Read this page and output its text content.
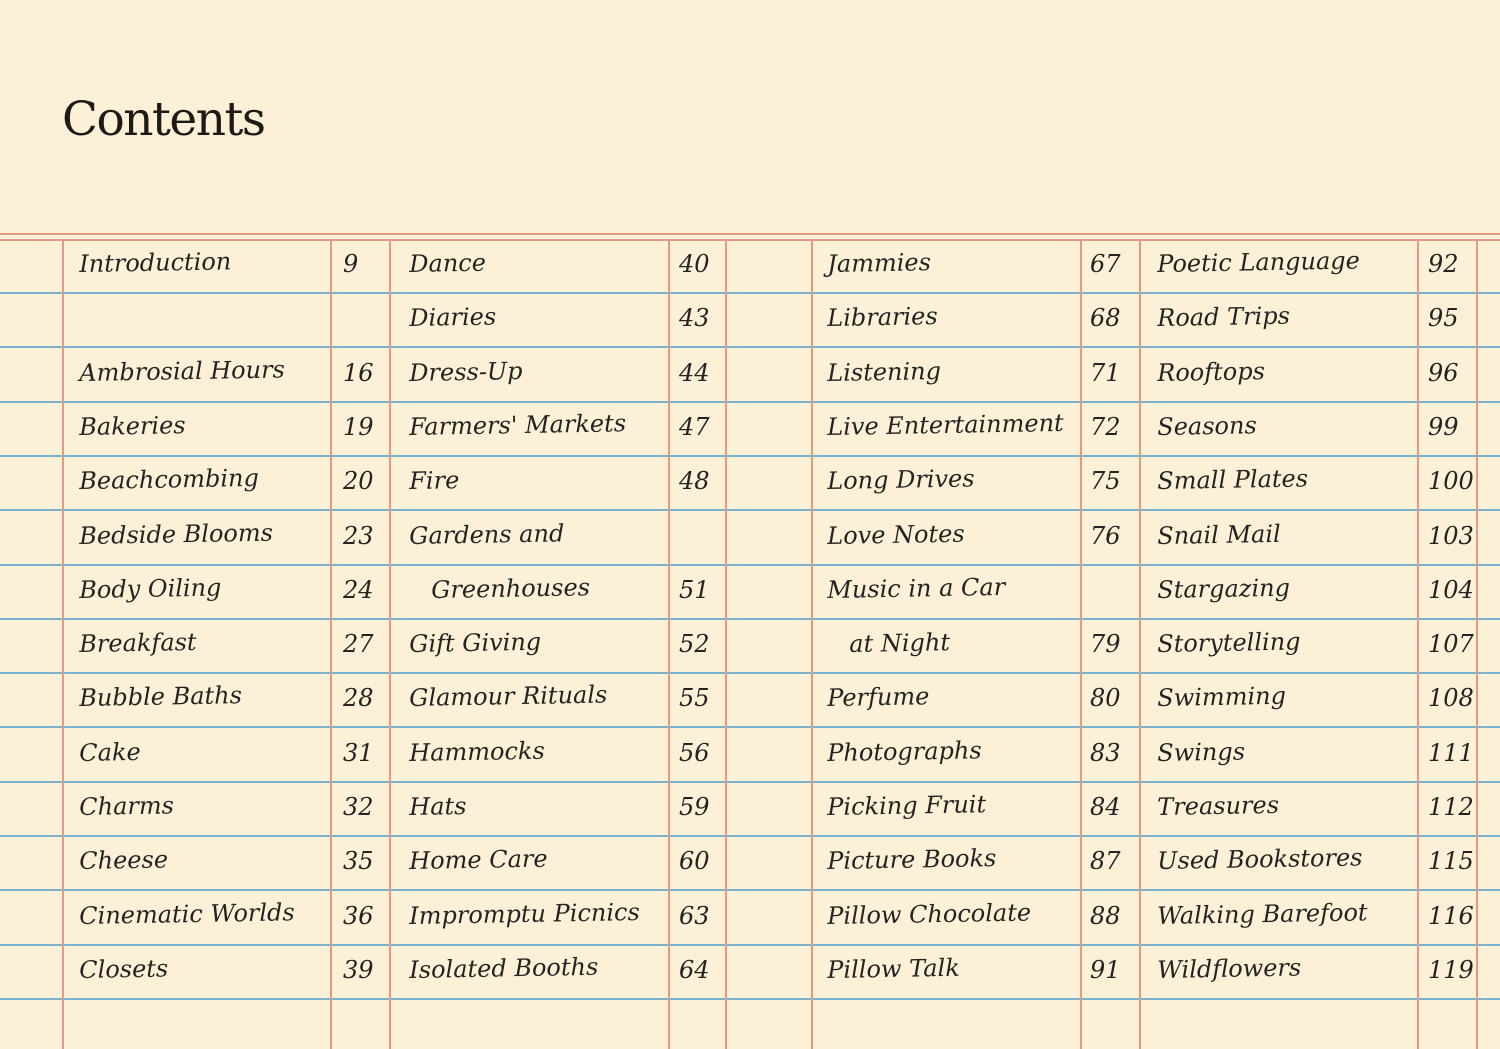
Contents
Introduction	9
Ambrosial Hours 16
Bakeries	19
Beachcombing	20
Bedside Blooms	23
Body Oiling	24
Breakfast	27
Bubble Baths	28
Cake	31
Charms	32
Cheese	35
Cinematic Worlds 36
Closets	39
Dance	40
Diaries	43
Dress-Up	44
Farmers' Markets 47
Fire	48
Gardens and
Greenhouses	51
Gift Giving	52
Glamour Rituals	55
Hammocks	56
Hats	59
Home Care	60
Impromptu Picnics 63
Isolated Booths	64
Jammies	67
Libraries	68
Listening	71
Live Entertainment 72
Long Drives	75
Love Notes	76
Music in a Car
at Night	79
Perfume	80
Photographs	83
Picking Fruit	84
Picture Books	87
Pillow Chocolate 88
Pillow Talk	91
Poetic Language	92
Road Trips	95
Rooftops	96
Seasons	99
Small Plates	100
Snail Mail	103
Stargazing	104
Storytelling	107
Swimming	108
Swings	111
Treasures	112
Used Bookstores	115
Walking Barefoot	116
Wildflowers	119
